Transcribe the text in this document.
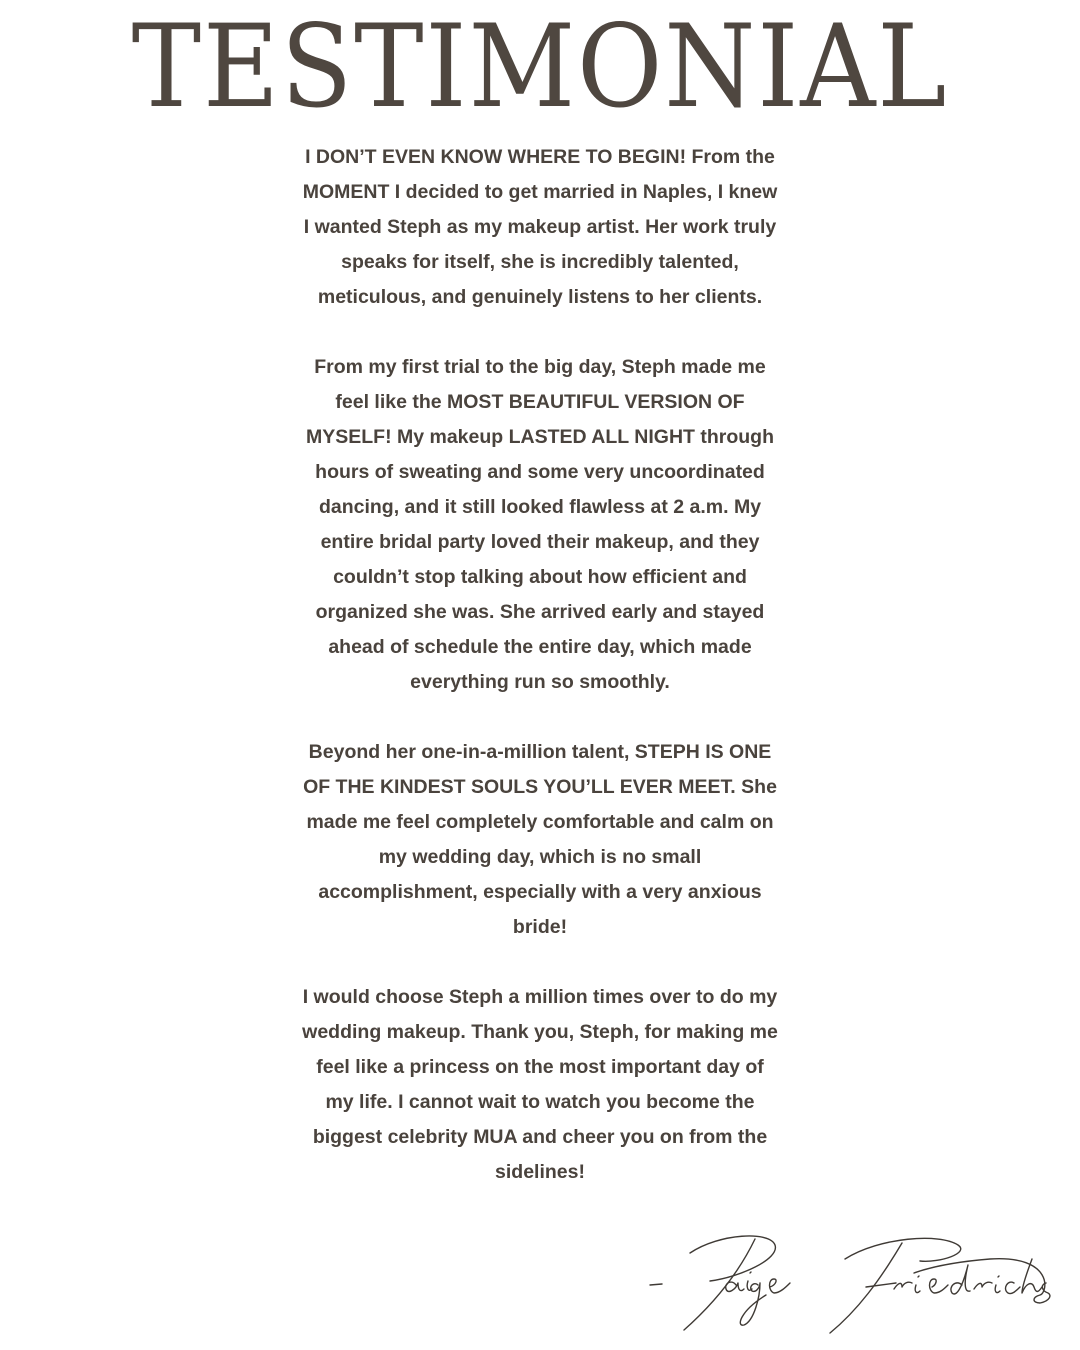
TESTIMONIAL

I DON’T EVEN KNOW WHERE TO BEGIN! From the MOMENT I decided to get married in Naples, I knew I wanted Steph as my makeup artist. Her work truly speaks for itself, she is incredibly talented, meticulous, and genuinely listens to her clients.

From my first trial to the big day, Steph made me feel like the MOST BEAUTIFUL VERSION OF MYSELF! My makeup LASTED ALL NIGHT through hours of sweating and some very uncoordinated dancing, and it still looked flawless at 2 a.m. My entire bridal party loved their makeup, and they couldn’t stop talking about how efficient and organized she was. She arrived early and stayed ahead of schedule the entire day, which made everything run so smoothly.

Beyond her one-in-a-million talent, STEPH IS ONE OF THE KINDEST SOULS YOU’LL EVER MEET. She made me feel completely comfortable and calm on my wedding day, which is no small accomplishment, especially with a very anxious bride!

I would choose Steph a million times over to do my wedding makeup. Thank you, Steph, for making me feel like a princess on the most important day of my life. I cannot wait to watch you become the biggest celebrity MUA and cheer you on from the sidelines!
